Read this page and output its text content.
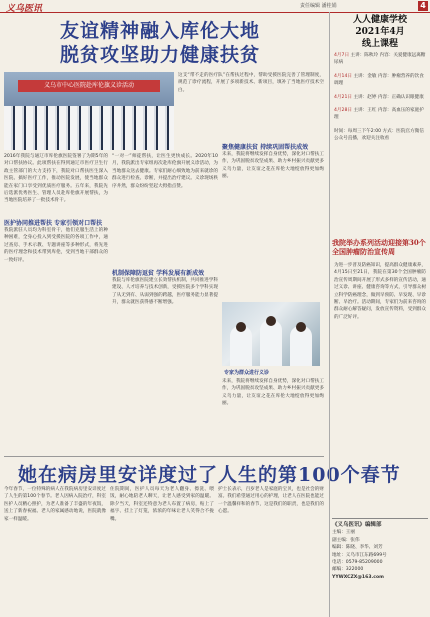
义乌医讯	责任编辑 潘桂娟	4
友谊精神融入库伦大地
脱贫攻坚助力健康扶贫
义乌市中心医院赴库伦旗义诊活动
2016年我院与通辽市库伦旗医院签署了为期5年的对口帮扶协议。此项帮扶在得到通辽市医疗卫生行政主管部门的大力支持下，我院对口帮扶医生深入医院、搞好医疗工作，推动医院发展，使当地群众能在家门口享受到优质医疗服务。五年来，我院先后选派优秀医生、管理人员赴库伦旗开展帮扶，为当地医院培养了一批技术骨干。
医护协同推进帮扶 专家引领对口帮扶
我院派驻人员均为科室骨干，他们克服生活上的种种困难，全身心投入到受援医院的各项工作中，通过查房、手术示教、专题讲座等多种形式，将先进的医疗理念和技术带到库伦，受到当地干部群众的一致好评。
“一对一”师徒帮扶，让医生更快成长。2020年10月，我院派出专家组再次赴库伦旗开展义诊活动，为当地群众送去健康。专家们耐心细致地为前来就诊的群众进行检查、诊断，并提出治疗建议。义诊现场秩序井然，群众纷纷竖起大拇指点赞。
机制保障防返贫 学科发展有新成效
我院与库伦旗医院建立长效帮扶机制，共同推进学科建设、人才培养与技术创新，受援医院多个学科实现了从无到有、从弱到强的跨越，医疗服务能力显著提升，群众就医获得感不断增强。
这支“带不走的医疗队”在帮扶过程中，帮助受援医院完善了管理制度，规范了诊疗流程，开展了多项新技术、新项目，填补了当地医疗技术空白。
聚焦健康扶贫 持续巩固帮扶成效
未来，我院将继续发挥自身优势，深化对口帮扶工作，为巩固脱贫攻坚成果、助力乡村振兴贡献更多义乌力量，让友谊之花在库伦大地绽放得更加绚丽。
专家为群众进行义诊
未来，我院将继续发挥自身优势，深化对口帮扶工作，为巩固脱贫攻坚成果、助力乡村振兴贡献更多义乌力量，让友谊之花在库伦大地绽放得更加绚丽。
她在病房里安详度过了人生的第100个春节
今年春节，一位特殊的病人在我院病房里安详度过了人生的第100个春节。老人因病入院治疗，科室医护人员精心照护，为老人准备了丰盛的年夜饭，送上了新春祝福。老人的家属感动地说，医院就像家一样温暖。
住院期间，医护人员每天为老人翻身、擦洗、喂饭，耐心地陪老人聊天，让老人感受到家的温暖。除夕当天，科室还特意为老人布置了病房，贴上了福字、挂上了灯笼，浓浓的年味让老人笑得合不拢嘴。
护士长表示，百岁老人是家庭的宝贝，也是社会的财富。我们希望通过用心的护理，让老人在医院也能过一个温馨祥和的春节，这是我们的职责，也是我们的心愿。
人人健康学校
2021年4月
线上课程
4月7日 主讲：陈秋玲 内容：关爱健康远离糖尿病
4月14日 主讲：金敏 内容：肿瘤营养的饮食调理
4月21日 主讲：赵婷 内容：正确认识眼健康
4月28日 主讲：王红 内容：高血压的家庭护理
时间：每周三下午2:00 方式：医院官方微信公众号直播，欢迎关注收看
我院举办系列活动迎接第30个全国肿瘤防治宣传周
为进一步普及防癌知识，提高群众健康素养，4月15日至21日，我院在第30个全国肿瘤防治宣传周期间开展了形式多样的宣传活动，通过义诊、讲座、健康咨询等方式，引导群众树立科学防癌理念，做到早预防、早发现、早诊断、早治疗。活动期间，专家们为前来咨询的群众耐心解答疑问，发放宣传资料，受到群众的广泛好评。
《义乌医讯》编辑部
主编：王丽
副主编：张伟
编辑：陈晓、李华、刘芳
地址：义乌市江东路699号
电话：0579-85209000
邮编：322000
YYWXCZX@163.com
